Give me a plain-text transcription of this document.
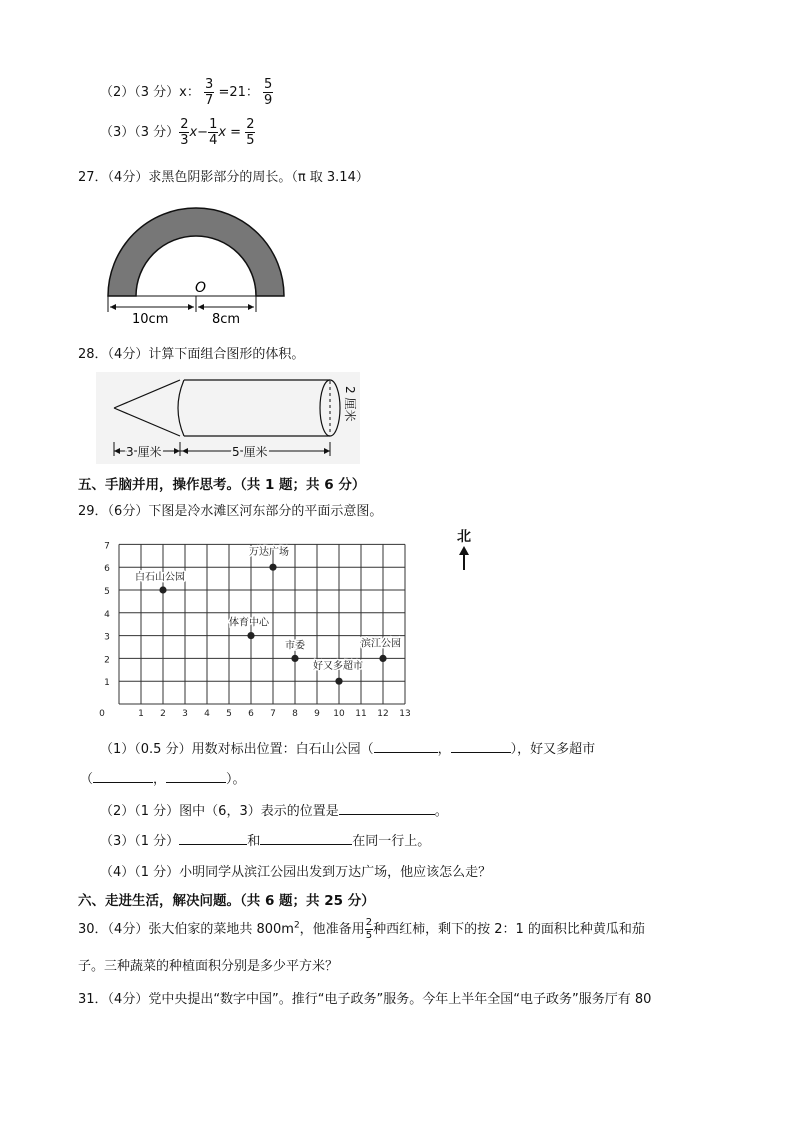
（2）（3 分）x： $\frac{3}{7} =21$： $\frac{5}{9}$
（3）（3 分） $\frac{2}{3} x- \frac{1}{4}$ $x = \frac{2}{5}$
27．（4分）求黑色阴影部分的周长。（π 取 3.14）
O
10cm	8cm
28．（4分）计算下面组合图形的体积。
3 厘米	5 厘米
2 厘米
五、手脑并用，操作思考。（共 1 题；共 6 分）
29．（6分）下图是冷水滩区河东部分的平面示意图。
0	1 2 3 4 5 6 7 8 9 10 11 12 13
1
2
3
4
5
6
7
白石山公园
万达广场
体育中心
市委	滨江公园
好又多超市
北
（1）（0.5 分）用数对标出位置：白石山公园（	，	），好又多超市
（	，	）。
（2）（1 分）图中（6，3）表示的位置是	。
（3）（1 分）	和	在同一行上。
（4）（1 分）小明同学从滨江公园出发到万达广场，他应该怎么走？
六、走进生活，解决问题。（共 6 题；共 25 分）
30．（4分）张大伯家的菜地共 $800m^2$，他准备用 $\frac{2}{5}$ 种西红柿，剩下的按 2：1 的面积比种黄瓜和茄
子。三种蔬菜的种植面积分别是多少平方米？
31．（4分）党中央提出“数字中国”。推行“电子政务”服务。今年上半年全国“电子政务”服务厅有 80
